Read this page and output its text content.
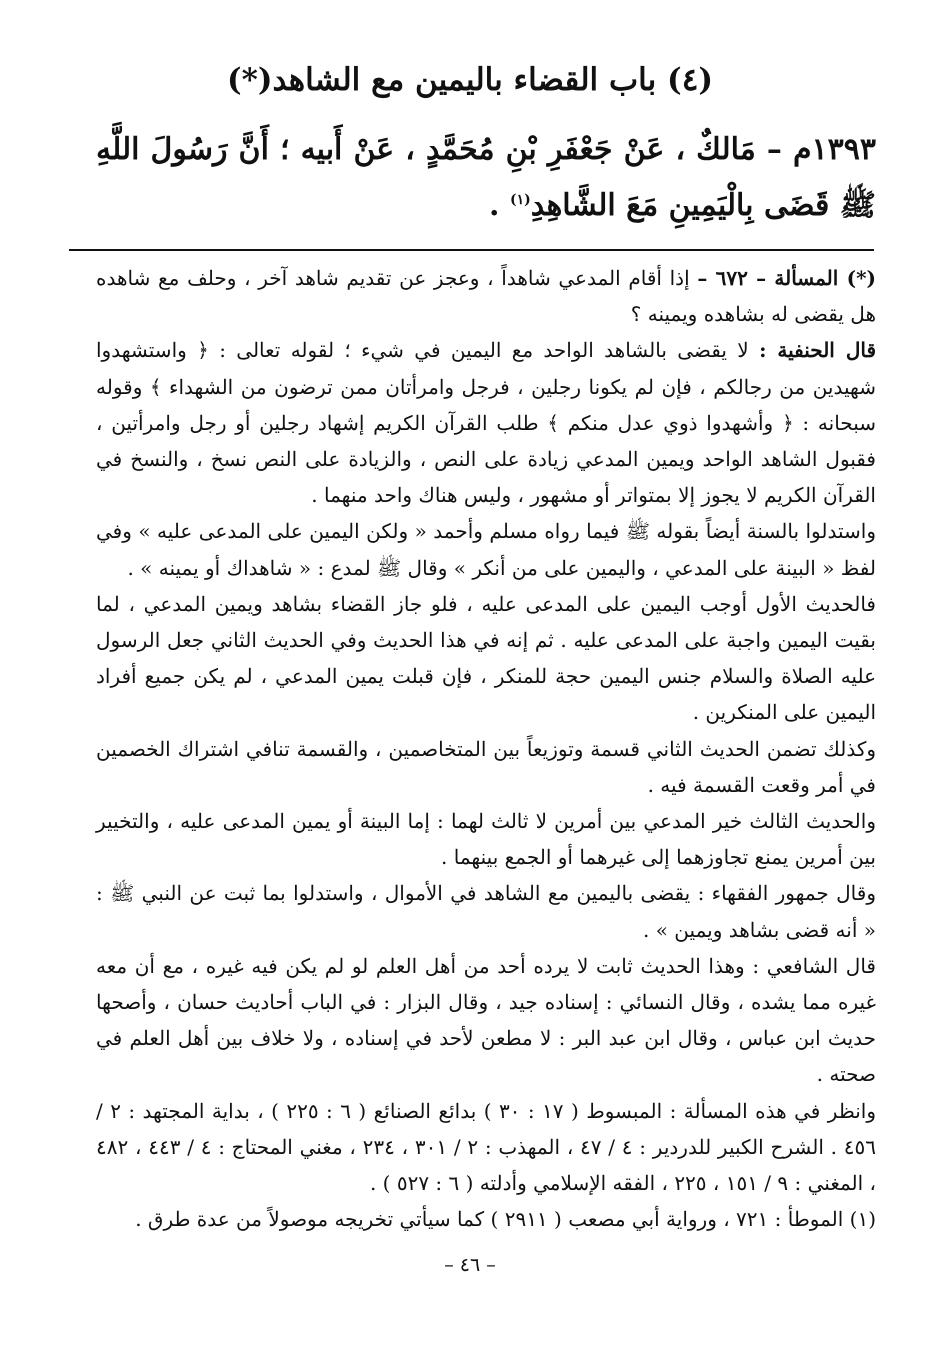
(٤) باب القضاء باليمين مع الشاهد(*)
١٣٩٣م – مَالكٌ ، عَنْ جَعْفَرِ بْنِ مُحَمَّدٍ ، عَنْ أَبيه ؛ أَنَّ رَسُولَ اللَّهِ ﷺ قَضَى بِالْيَمِينِ مَعَ الشَّاهِدِ$^{(١)}$ .

(*) المسألة – ٦٧٢ – إذا أقام المدعي شاهداً ، وعجز عن تقديم شاهد آخر ، وحلف مع شاهده هل يقضى له بشاهده ويمينه ؟

قال الحنفية : لا يقضى بالشاهد الواحد مع اليمين في شيء ؛ لقوله تعالى : ﴿ واستشهدوا شهيدين من رجالكم ، فإن لم يكونا رجلين ، فرجل وامرأتان ممن ترضون من الشهداء ﴾ وقوله سبحانه : ﴿ وأشهدوا ذوي عدل منكم ﴾ طلب القرآن الكريم إشهاد رجلين أو رجل وامرأتين ، فقبول الشاهد الواحد ويمين المدعي زيادة على النص ، والزيادة على النص نسخ ، والنسخ في القرآن الكريم لا يجوز إلا بمتواتر أو مشهور ، وليس هناك واحد منهما .

واستدلوا بالسنة أيضاً بقوله ﷺ فيما رواه مسلم وأحمد « ولكن اليمين على المدعى عليه » وفي لفظ « البينة على المدعي ، واليمين على من أنكر » وقال ﷺ لمدع : « شاهداك أو يمينه » .

فالحديث الأول أوجب اليمين على المدعى عليه ، فلو جاز القضاء بشاهد ويمين المدعي ، لما بقيت اليمين واجبة على المدعى عليه . ثم إنه في هذا الحديث وفي الحديث الثاني جعل الرسول عليه الصلاة والسلام جنس اليمين حجة للمنكر ، فإن قبلت يمين المدعي ، لم يكن جميع أفراد اليمين على المنكرين .

وكذلك تضمن الحديث الثاني قسمة وتوزيعاً بين المتخاصمين ، والقسمة تنافي اشتراك الخصمين في أمر وقعت القسمة فيه .

والحديث الثالث خير المدعي بين أمرين لا ثالث لهما : إما البينة أو يمين المدعى عليه ، والتخيير بين أمرين يمنع تجاوزهما إلى غيرهما أو الجمع بينهما .

وقال جمهور الفقهاء : يقضى باليمين مع الشاهد في الأموال ، واستدلوا بما ثبت عن النبي ﷺ : « أنه قضى بشاهد ويمين » .

قال الشافعي : وهذا الحديث ثابت لا يرده أحد من أهل العلم لو لم يكن فيه غيره ، مع أن معه غيره مما يشده ، وقال النسائي : إسناده جيد ، وقال البزار : في الباب أحاديث حسان ، وأصحها حديث ابن عباس ، وقال ابن عبد البر : لا مطعن لأحد في إسناده ، ولا خلاف بين أهل العلم في صحته .

وانظر في هذه المسألة : المبسوط ( ١٧ : ٣٠ ) بدائع الصنائع ( ٦ : ٢٢٥ ) ، بداية المجتهد : ٢ / ٤٥٦ . الشرح الكبير للدردير : ٤ / ٤٧ ، المهذب : ٢ / ٣٠١ ، ٢٣٤ ، مغني المحتاج : ٤ / ٤٤٣ ، ٤٨٢ ، المغني : ٩ / ١٥١ ، ٢٢٥ ، الفقه الإسلامي وأدلته ( ٦ : ٥٢٧ ) .

(١) الموطأ : ٧٢١ ، ورواية أبي مصعب ( ٢٩١١ ) كما سيأتي تخريجه موصولاً من عدة طرق .

– ٤٦ –
